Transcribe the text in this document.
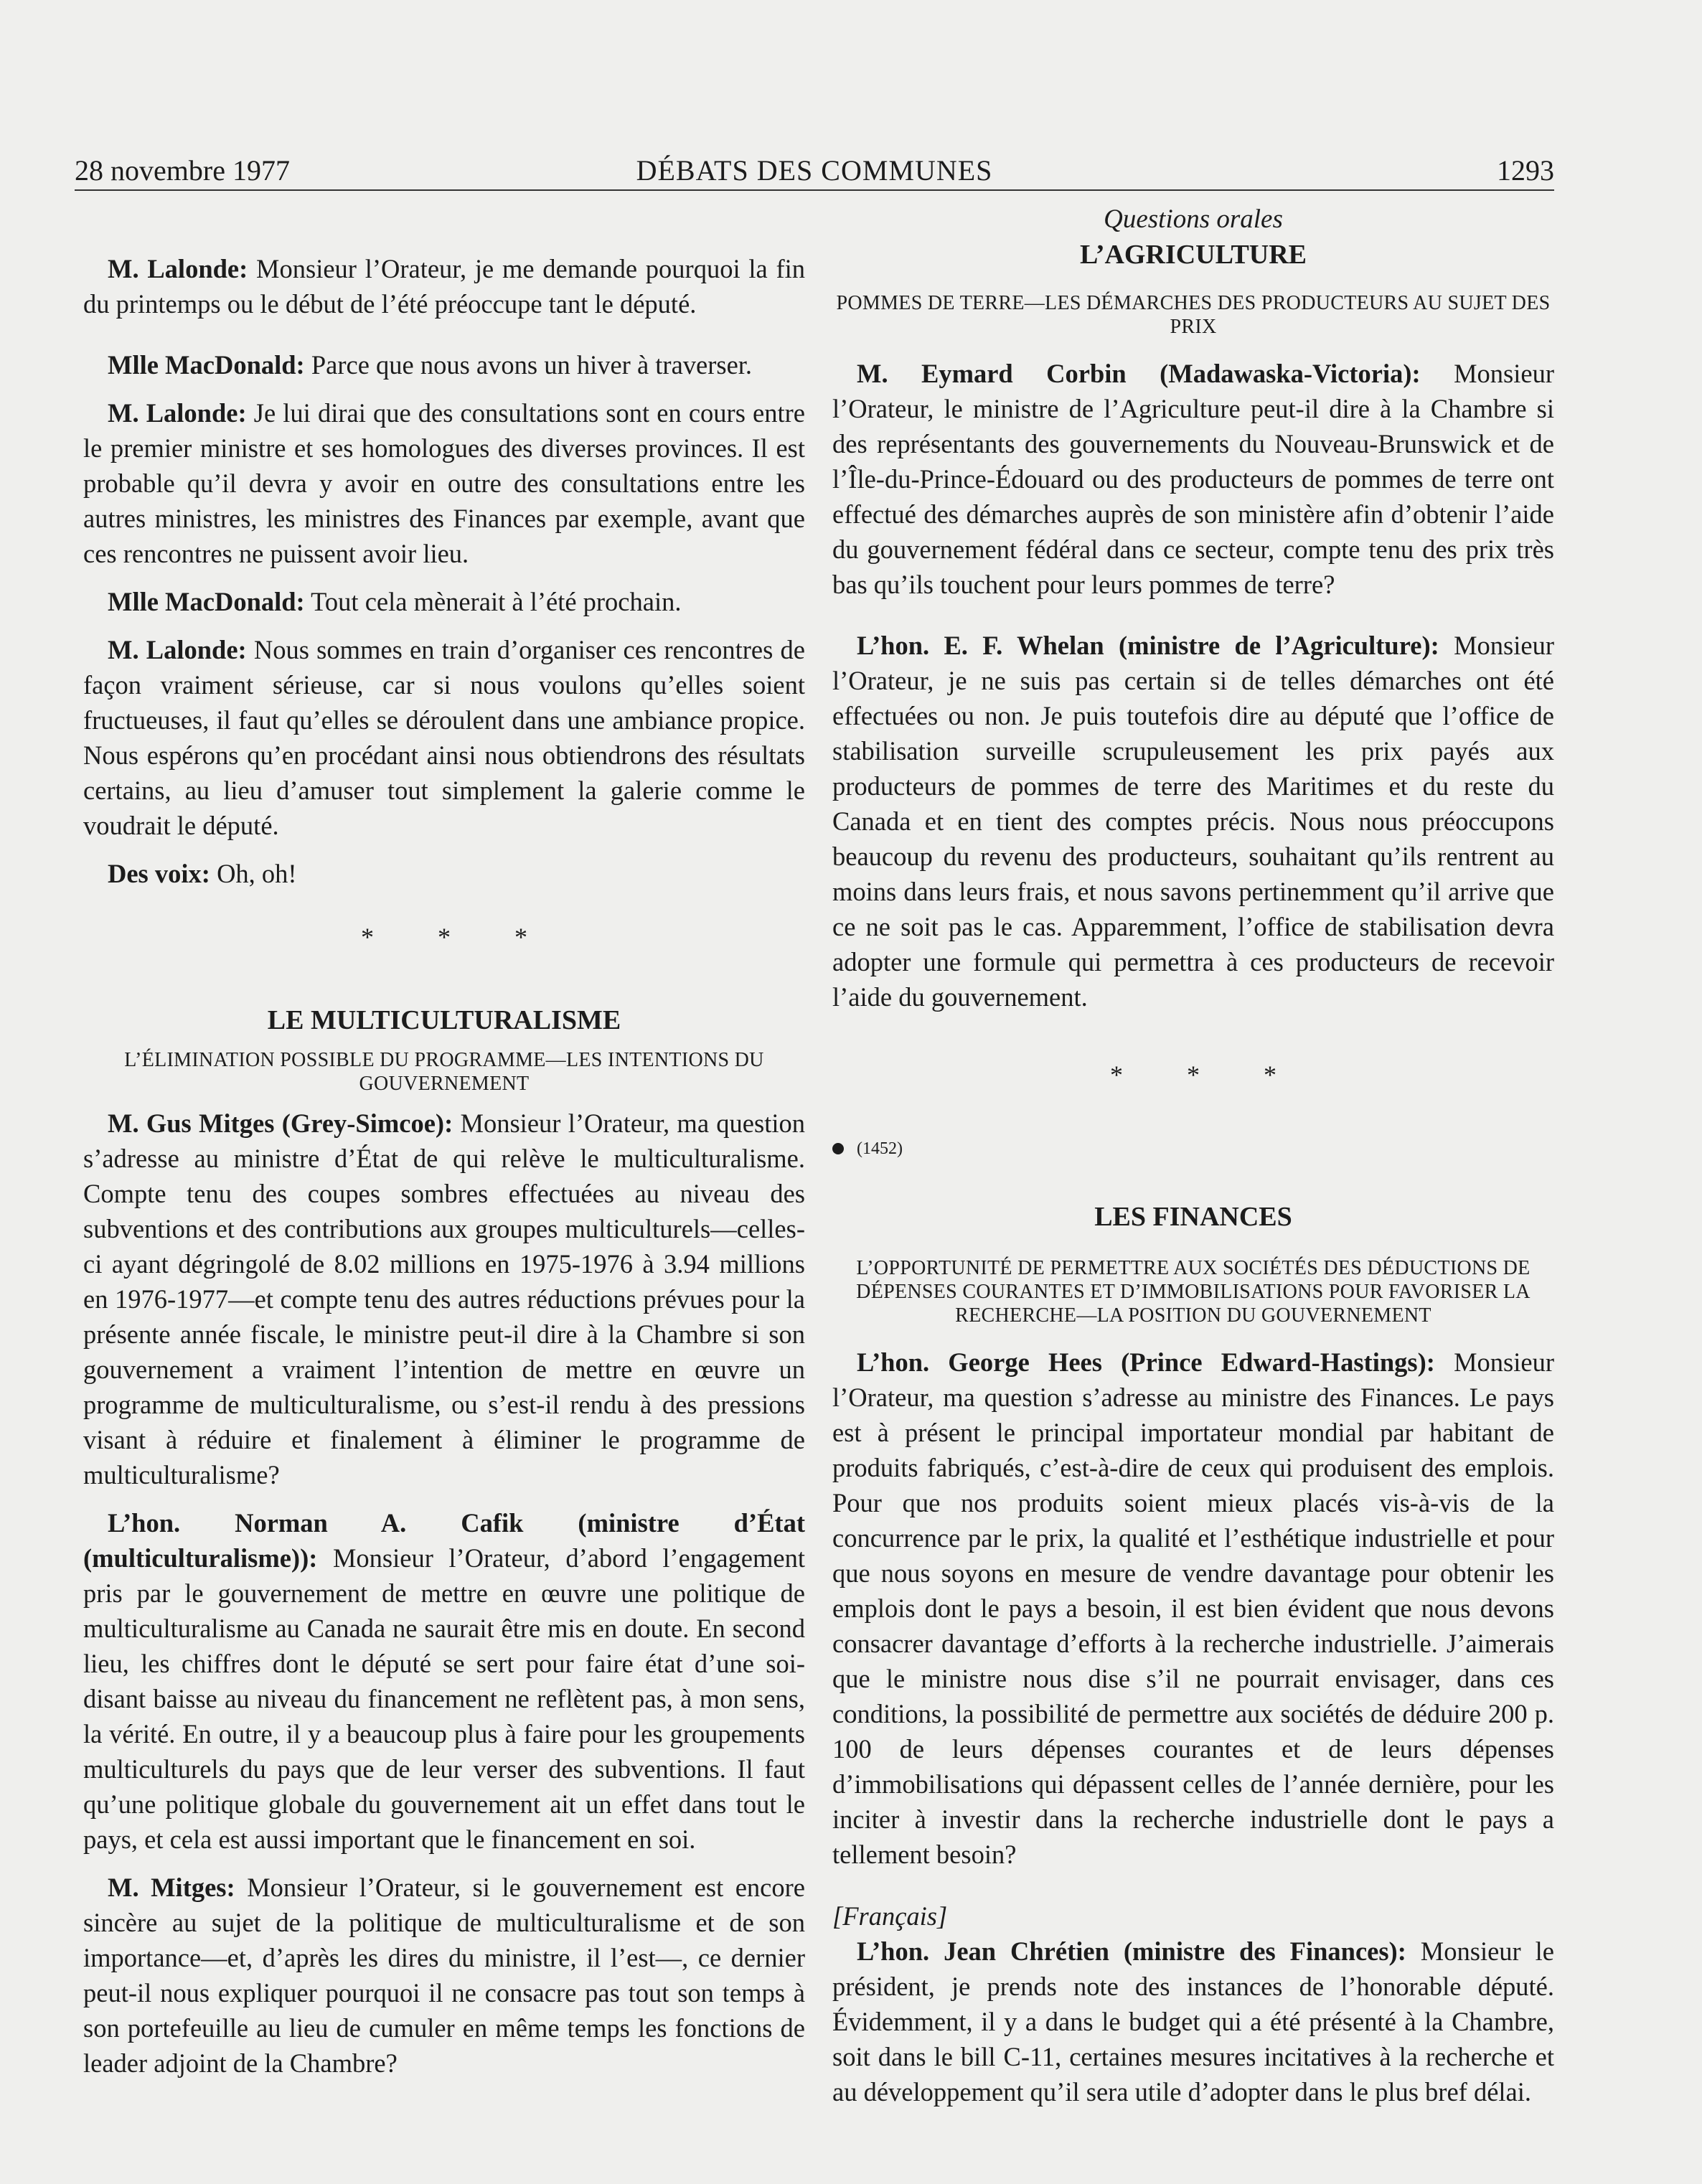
28 novembre 1977	DÉBATS DES COMMUNES	1293

M. Lalonde: Monsieur l’Orateur, je me demande pourquoi la fin du printemps ou le début de l’été préoccupe tant le député.

Mlle MacDonald: Parce que nous avons un hiver à traverser.

M. Lalonde: Je lui dirai que des consultations sont en cours entre le premier ministre et ses homologues des diverses provinces. Il est probable qu’il devra y avoir en outre des consultations entre les autres ministres, les ministres des Finances par exemple, avant que ces rencontres ne puissent avoir lieu.

Mlle MacDonald: Tout cela mènerait à l’été prochain.

M. Lalonde: Nous sommes en train d’organiser ces rencontres de façon vraiment sérieuse, car si nous voulons qu’elles soient fructueuses, il faut qu’elles se déroulent dans une ambiance propice. Nous espérons qu’en procédant ainsi nous obtiendrons des résultats certains, au lieu d’amuser tout simplement la galerie comme le voudrait le député.

Des voix: Oh, oh!

* * *
LE MULTICULTURALISME
L’ÉLIMINATION POSSIBLE DU PROGRAMME—LES INTENTIONS DU GOUVERNEMENT

M. Gus Mitges (Grey-Simcoe): Monsieur l’Orateur, ma question s’adresse au ministre d’État de qui relève le multiculturalisme. Compte tenu des coupes sombres effectuées au niveau des subventions et des contributions aux groupes multiculturels—celles-ci ayant dégringolé de 8.02 millions en 1975-1976 à 3.94 millions en 1976-1977—et compte tenu des autres réductions prévues pour la présente année fiscale, le ministre peut-il dire à la Chambre si son gouvernement a vraiment l’intention de mettre en œuvre un programme de multiculturalisme, ou s’est-il rendu à des pressions visant à réduire et finalement à éliminer le programme de multiculturalisme?

L’hon. Norman A. Cafik (ministre d’État (multiculturalisme)): Monsieur l’Orateur, d’abord l’engagement pris par le gouvernement de mettre en œuvre une politique de multiculturalisme au Canada ne saurait être mis en doute. En second lieu, les chiffres dont le député se sert pour faire état d’une soi-disant baisse au niveau du financement ne reflètent pas, à mon sens, la vérité. En outre, il y a beaucoup plus à faire pour les groupements multiculturels du pays que de leur verser des subventions. Il faut qu’une politique globale du gouvernement ait un effet dans tout le pays, et cela est aussi important que le financement en soi.

M. Mitges: Monsieur l’Orateur, si le gouvernement est encore sincère au sujet de la politique de multiculturalisme et de son importance—et, d’après les dires du ministre, il l’est—, ce dernier peut-il nous expliquer pourquoi il ne consacre pas tout son temps à son portefeuille au lieu de cumuler en même temps les fonctions de leader adjoint de la Chambre?

Questions orales
L’AGRICULTURE
POMMES DE TERRE—LES DÉMARCHES DES PRODUCTEURS AU SUJET DES PRIX

M. Eymard Corbin (Madawaska-Victoria): Monsieur l’Orateur, le ministre de l’Agriculture peut-il dire à la Chambre si des représentants des gouvernements du Nouveau-Brunswick et de l’Île-du-Prince-Édouard ou des producteurs de pommes de terre ont effectué des démarches auprès de son ministère afin d’obtenir l’aide du gouvernement fédéral dans ce secteur, compte tenu des prix très bas qu’ils touchent pour leurs pommes de terre?

L’hon. E. F. Whelan (ministre de l’Agriculture): Monsieur l’Orateur, je ne suis pas certain si de telles démarches ont été effectuées ou non. Je puis toutefois dire au député que l’office de stabilisation surveille scrupuleusement les prix payés aux producteurs de pommes de terre des Maritimes et du reste du Canada et en tient des comptes précis. Nous nous préoccupons beaucoup du revenu des producteurs, souhaitant qu’ils rentrent au moins dans leurs frais, et nous savons pertinemment qu’il arrive que ce ne soit pas le cas. Apparemment, l’office de stabilisation devra adopter une formule qui permettra à ces producteurs de recevoir l’aide du gouvernement.

* * *
(1452)
LES FINANCES
L’OPPORTUNITÉ DE PERMETTRE AUX SOCIÉTÉS DES DÉDUCTIONS DE DÉPENSES COURANTES ET D’IMMOBILISATIONS POUR FAVORISER LA RECHERCHE—LA POSITION DU GOUVERNEMENT

L’hon. George Hees (Prince Edward-Hastings): Monsieur l’Orateur, ma question s’adresse au ministre des Finances. Le pays est à présent le principal importateur mondial par habitant de produits fabriqués, c’est-à-dire de ceux qui produisent des emplois. Pour que nos produits soient mieux placés vis-à-vis de la concurrence par le prix, la qualité et l’esthétique industrielle et pour que nous soyons en mesure de vendre davantage pour obtenir les emplois dont le pays a besoin, il est bien évident que nous devons consacrer davantage d’efforts à la recherche industrielle. J’aimerais que le ministre nous dise s’il ne pourrait envisager, dans ces conditions, la possibilité de permettre aux sociétés de déduire 200 p. 100 de leurs dépenses courantes et de leurs dépenses d’immobilisations qui dépassent celles de l’année dernière, pour les inciter à investir dans la recherche industrielle dont le pays a tellement besoin?

[Français]

L’hon. Jean Chrétien (ministre des Finances): Monsieur le président, je prends note des instances de l’honorable député. Évidemment, il y a dans le budget qui a été présenté à la Chambre, soit dans le bill C-11, certaines mesures incitatives à la recherche et au développement qu’il sera utile d’adopter dans le plus bref délai.
